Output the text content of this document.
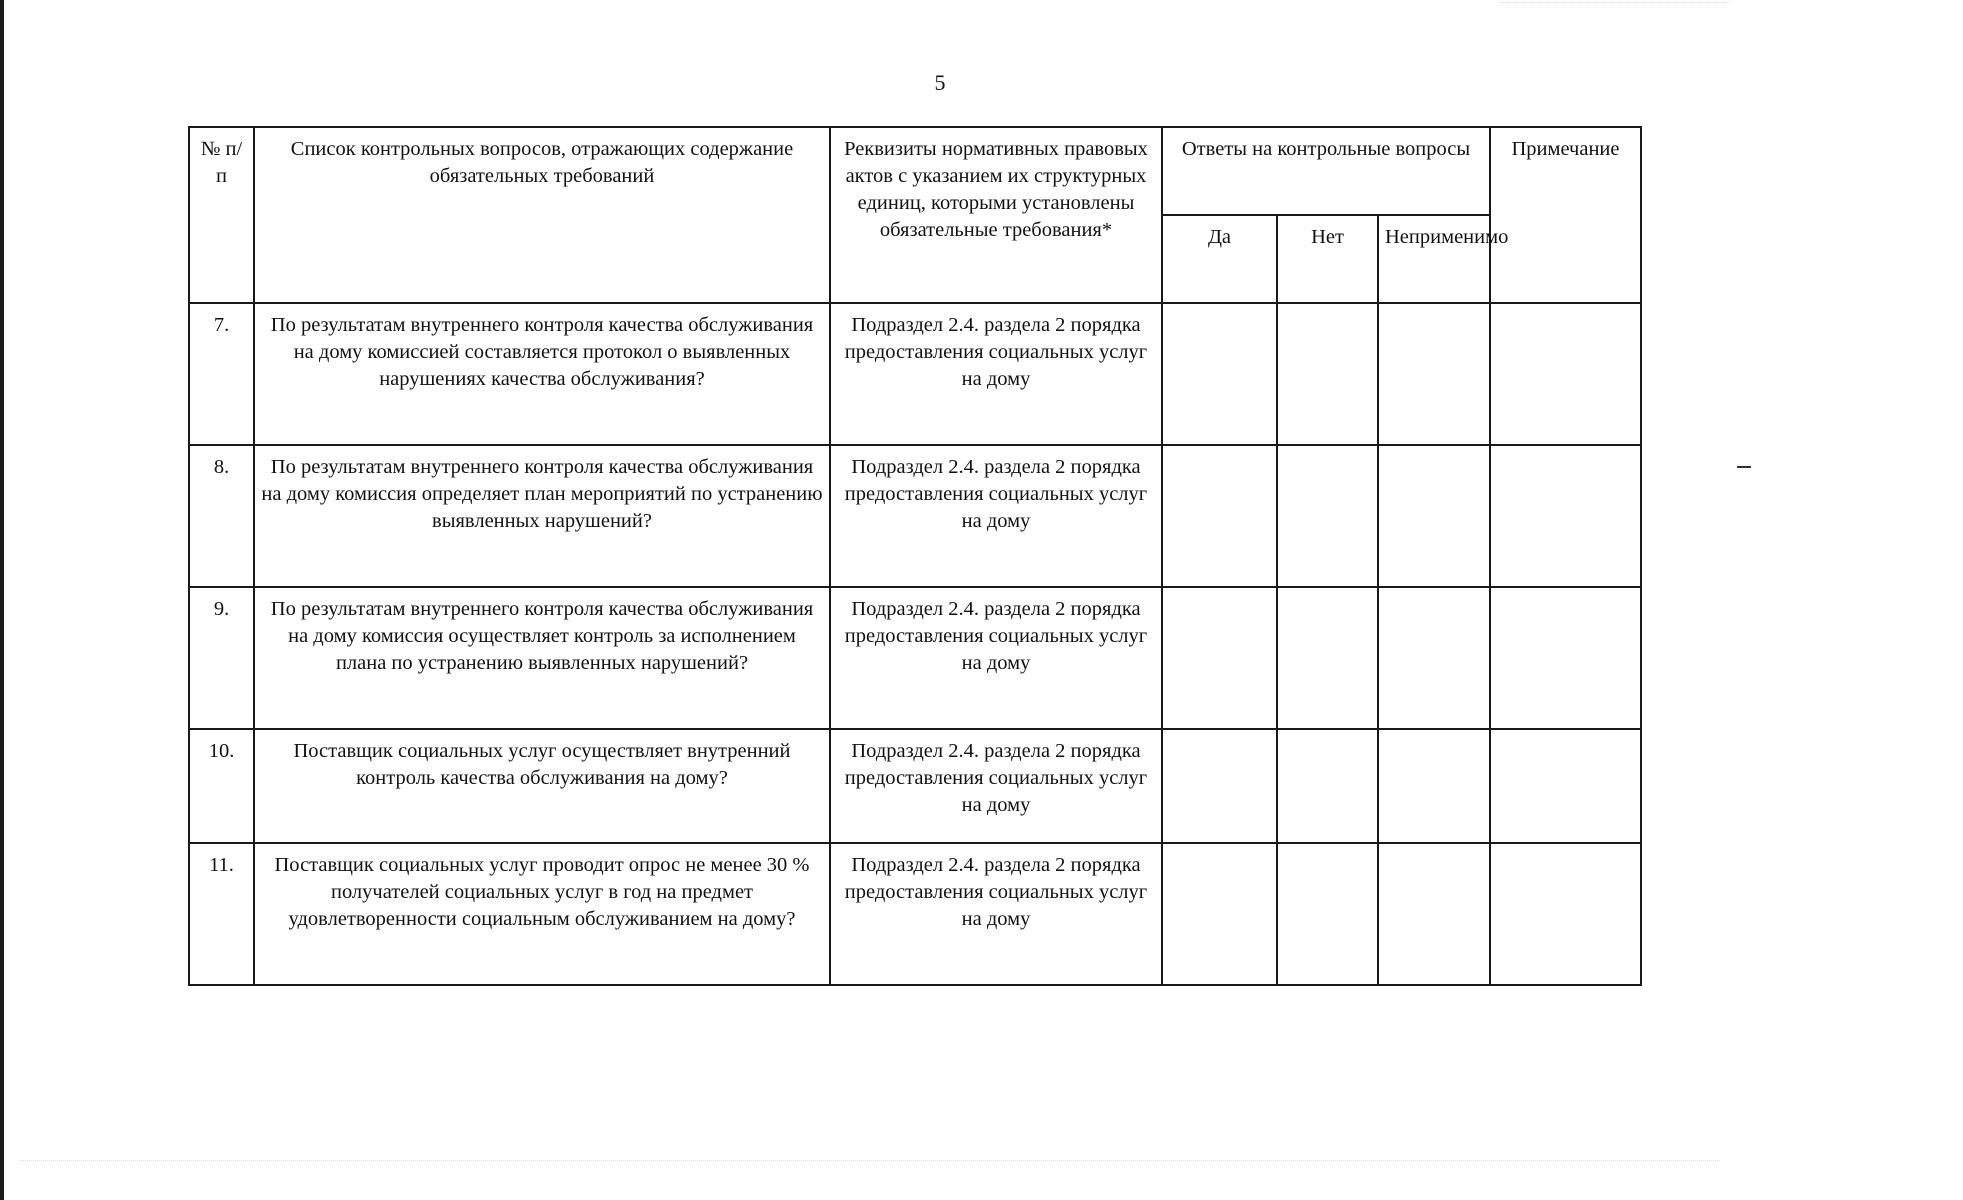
5
№ п/п	Список контрольных вопросов, отражающих содержание обязательных требований	Реквизиты нормативных правовых актов с указанием их структурных единиц, которыми установлены обязательные требования*	Ответы на контрольные вопросы			Примечание
			Да	Нет	Неприменимо	
7.	По результатам внутреннего контроля качества обслуживания на дому комиссией составляется протокол о выявленных нарушениях качества обслуживания?	Подраздел 2.4. раздела 2 порядка предоставления социальных услуг на дому				
8.	По результатам внутреннего контроля качества обслуживания на дому комиссия определяет план мероприятий по устранению выявленных нарушений?	Подраздел 2.4. раздела 2 порядка предоставления социальных услуг на дому				
9.	По результатам внутреннего контроля качества обслуживания на дому комиссия осуществляет контроль за исполнением плана по устранению выявленных нарушений?	Подраздел 2.4. раздела 2 порядка предоставления социальных услуг на дому				
10.	Поставщик социальных услуг осуществляет внутренний контроль качества обслуживания на дому?	Подраздел 2.4. раздела 2 порядка предоставления социальных услуг на дому				
11.	Поставщик социальных услуг проводит опрос не менее 30 % получателей социальных услуг в год на предмет удовлетворенности социальным обслуживанием на дому?	Подраздел 2.4. раздела 2 порядка предоставления социальных услуг на дому				
